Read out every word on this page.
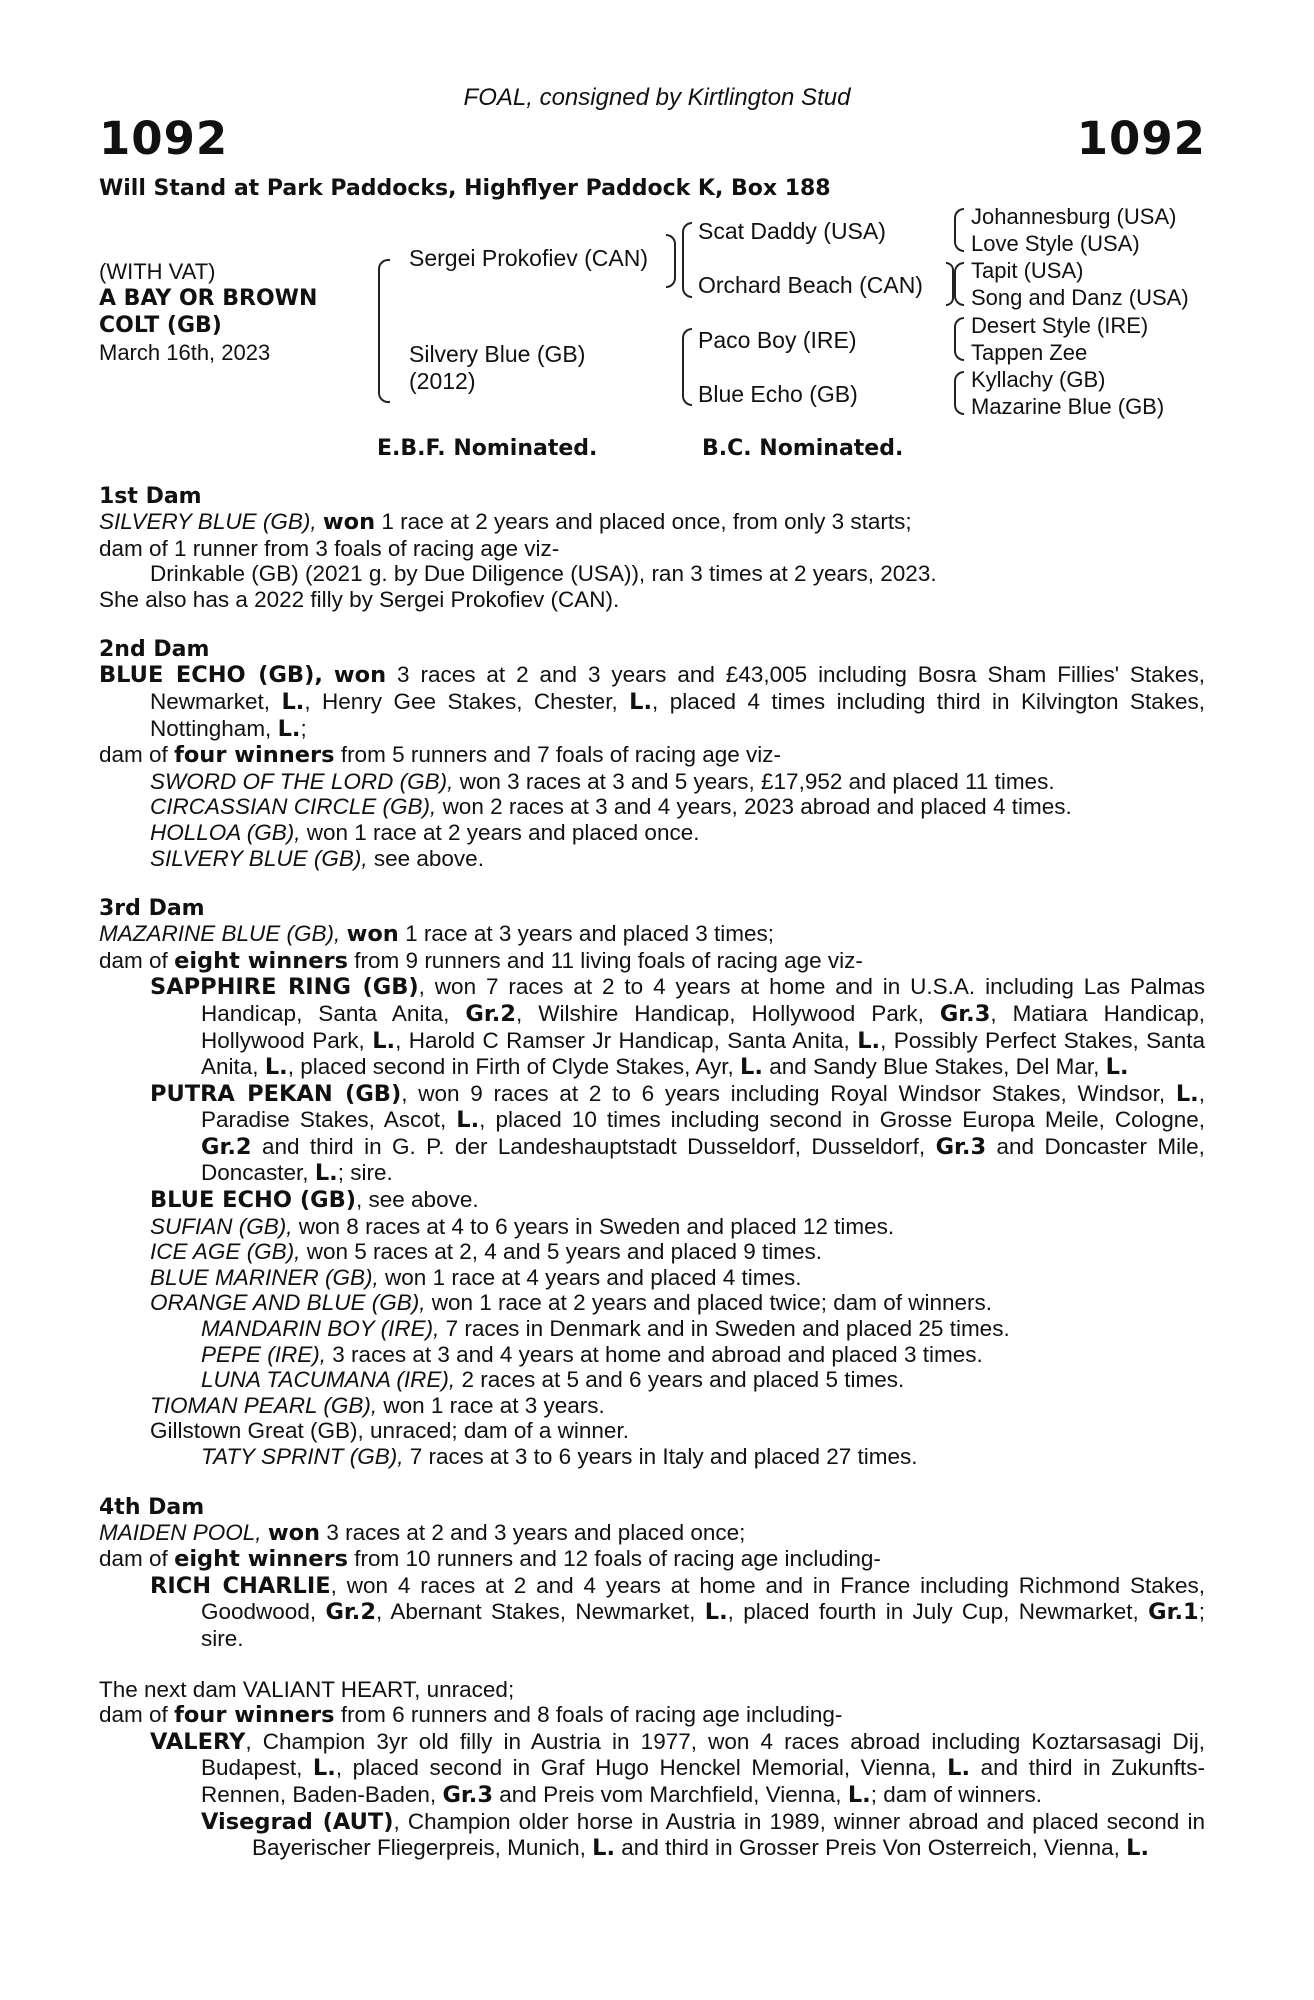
FOAL, consigned by Kirtlington Stud
1092	1092
Will Stand at Park Paddocks, Highflyer Paddock K, Box 188
(WITH VAT)
A BAY OR BROWN
COLT (GB)
March 16th, 2023
Sergei Prokofiev (CAN)
Silvery Blue (GB)
(2012)
Scat Daddy (USA)
Orchard Beach (CAN)
Paco Boy (IRE)
Blue Echo (GB)
Johannesburg (USA)
Love Style (USA)
Tapit (USA)
Song and Danz (USA)
Desert Style (IRE)
Tappen Zee
Kyllachy (GB)
Mazarine Blue (GB)
E.B.F. Nominated.	B.C. Nominated.
1st Dam
SILVERY BLUE (GB), won 1 race at 2 years and placed once, from only 3 starts;
dam of 1 runner from 3 foals of racing age viz-
Drinkable (GB) (2021 g. by Due Diligence (USA)), ran 3 times at 2 years, 2023.
She also has a 2022 filly by Sergei Prokofiev (CAN).
2nd Dam
BLUE ECHO (GB), won 3 races at 2 and 3 years and £43,005 including Bosra Sham Fillies' Stakes, Newmarket, L., Henry Gee Stakes, Chester, L., placed 4 times including third in Kilvington Stakes, Nottingham, L.;
dam of four winners from 5 runners and 7 foals of racing age viz-
SWORD OF THE LORD (GB), won 3 races at 3 and 5 years, £17,952 and placed 11 times.
CIRCASSIAN CIRCLE (GB), won 2 races at 3 and 4 years, 2023 abroad and placed 4 times.
HOLLOA (GB), won 1 race at 2 years and placed once.
SILVERY BLUE (GB), see above.
3rd Dam
MAZARINE BLUE (GB), won 1 race at 3 years and placed 3 times;
dam of eight winners from 9 runners and 11 living foals of racing age viz-
SAPPHIRE RING (GB), won 7 races at 2 to 4 years at home and in U.S.A. including Las Palmas Handicap, Santa Anita, Gr.2, Wilshire Handicap, Hollywood Park, Gr.3, Matiara Handicap, Hollywood Park, L., Harold C Ramser Jr Handicap, Santa Anita, L., Possibly Perfect Stakes, Santa Anita, L., placed second in Firth of Clyde Stakes, Ayr, L. and Sandy Blue Stakes, Del Mar, L.
PUTRA PEKAN (GB), won 9 races at 2 to 6 years including Royal Windsor Stakes, Windsor, L., Paradise Stakes, Ascot, L., placed 10 times including second in Grosse Europa Meile, Cologne, Gr.2 and third in G. P. der Landeshauptstadt Dusseldorf, Dusseldorf, Gr.3 and Doncaster Mile, Doncaster, L.; sire.
BLUE ECHO (GB), see above.
SUFIAN (GB), won 8 races at 4 to 6 years in Sweden and placed 12 times.
ICE AGE (GB), won 5 races at 2, 4 and 5 years and placed 9 times.
BLUE MARINER (GB), won 1 race at 4 years and placed 4 times.
ORANGE AND BLUE (GB), won 1 race at 2 years and placed twice; dam of winners.
MANDARIN BOY (IRE), 7 races in Denmark and in Sweden and placed 25 times.
PEPE (IRE), 3 races at 3 and 4 years at home and abroad and placed 3 times.
LUNA TACUMANA (IRE), 2 races at 5 and 6 years and placed 5 times.
TIOMAN PEARL (GB), won 1 race at 3 years.
Gillstown Great (GB), unraced; dam of a winner.
TATY SPRINT (GB), 7 races at 3 to 6 years in Italy and placed 27 times.
4th Dam
MAIDEN POOL, won 3 races at 2 and 3 years and placed once;
dam of eight winners from 10 runners and 12 foals of racing age including-
RICH CHARLIE, won 4 races at 2 and 4 years at home and in France including Richmond Stakes, Goodwood, Gr.2, Abernant Stakes, Newmarket, L., placed fourth in July Cup, Newmarket, Gr.1; sire.
The next dam VALIANT HEART, unraced;
dam of four winners from 6 runners and 8 foals of racing age including-
VALERY, Champion 3yr old filly in Austria in 1977, won 4 races abroad including Koztarsasagi Dij, Budapest, L., placed second in Graf Hugo Henckel Memorial, Vienna, L. and third in Zukunfts-Rennen, Baden-Baden, Gr.3 and Preis vom Marchfield, Vienna, L.; dam of winners.
Visegrad (AUT), Champion older horse in Austria in 1989, winner abroad and placed second in Bayerischer Fliegerpreis, Munich, L. and third in Grosser Preis Von Osterreich, Vienna, L.
